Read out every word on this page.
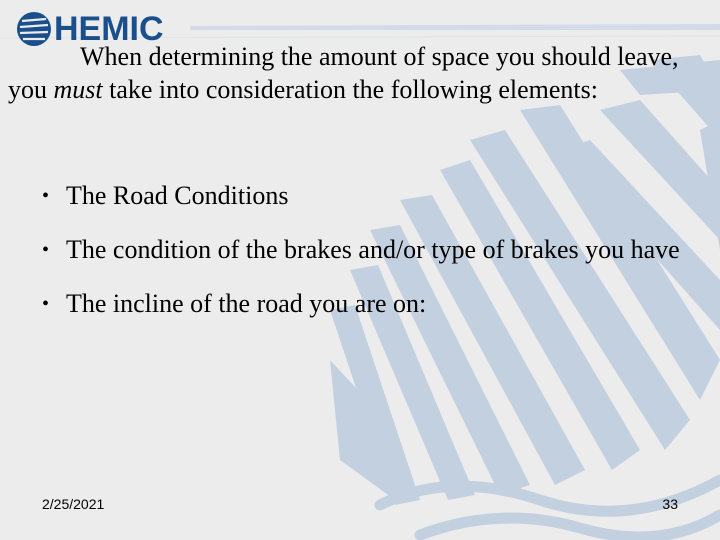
HEMIC
When determining the amount of space you should leave, you must take into consideration the following elements:
• The Road Conditions
• The condition of the brakes and/or type of brakes you have
• The incline of the road you are on:
2/25/2021	33
